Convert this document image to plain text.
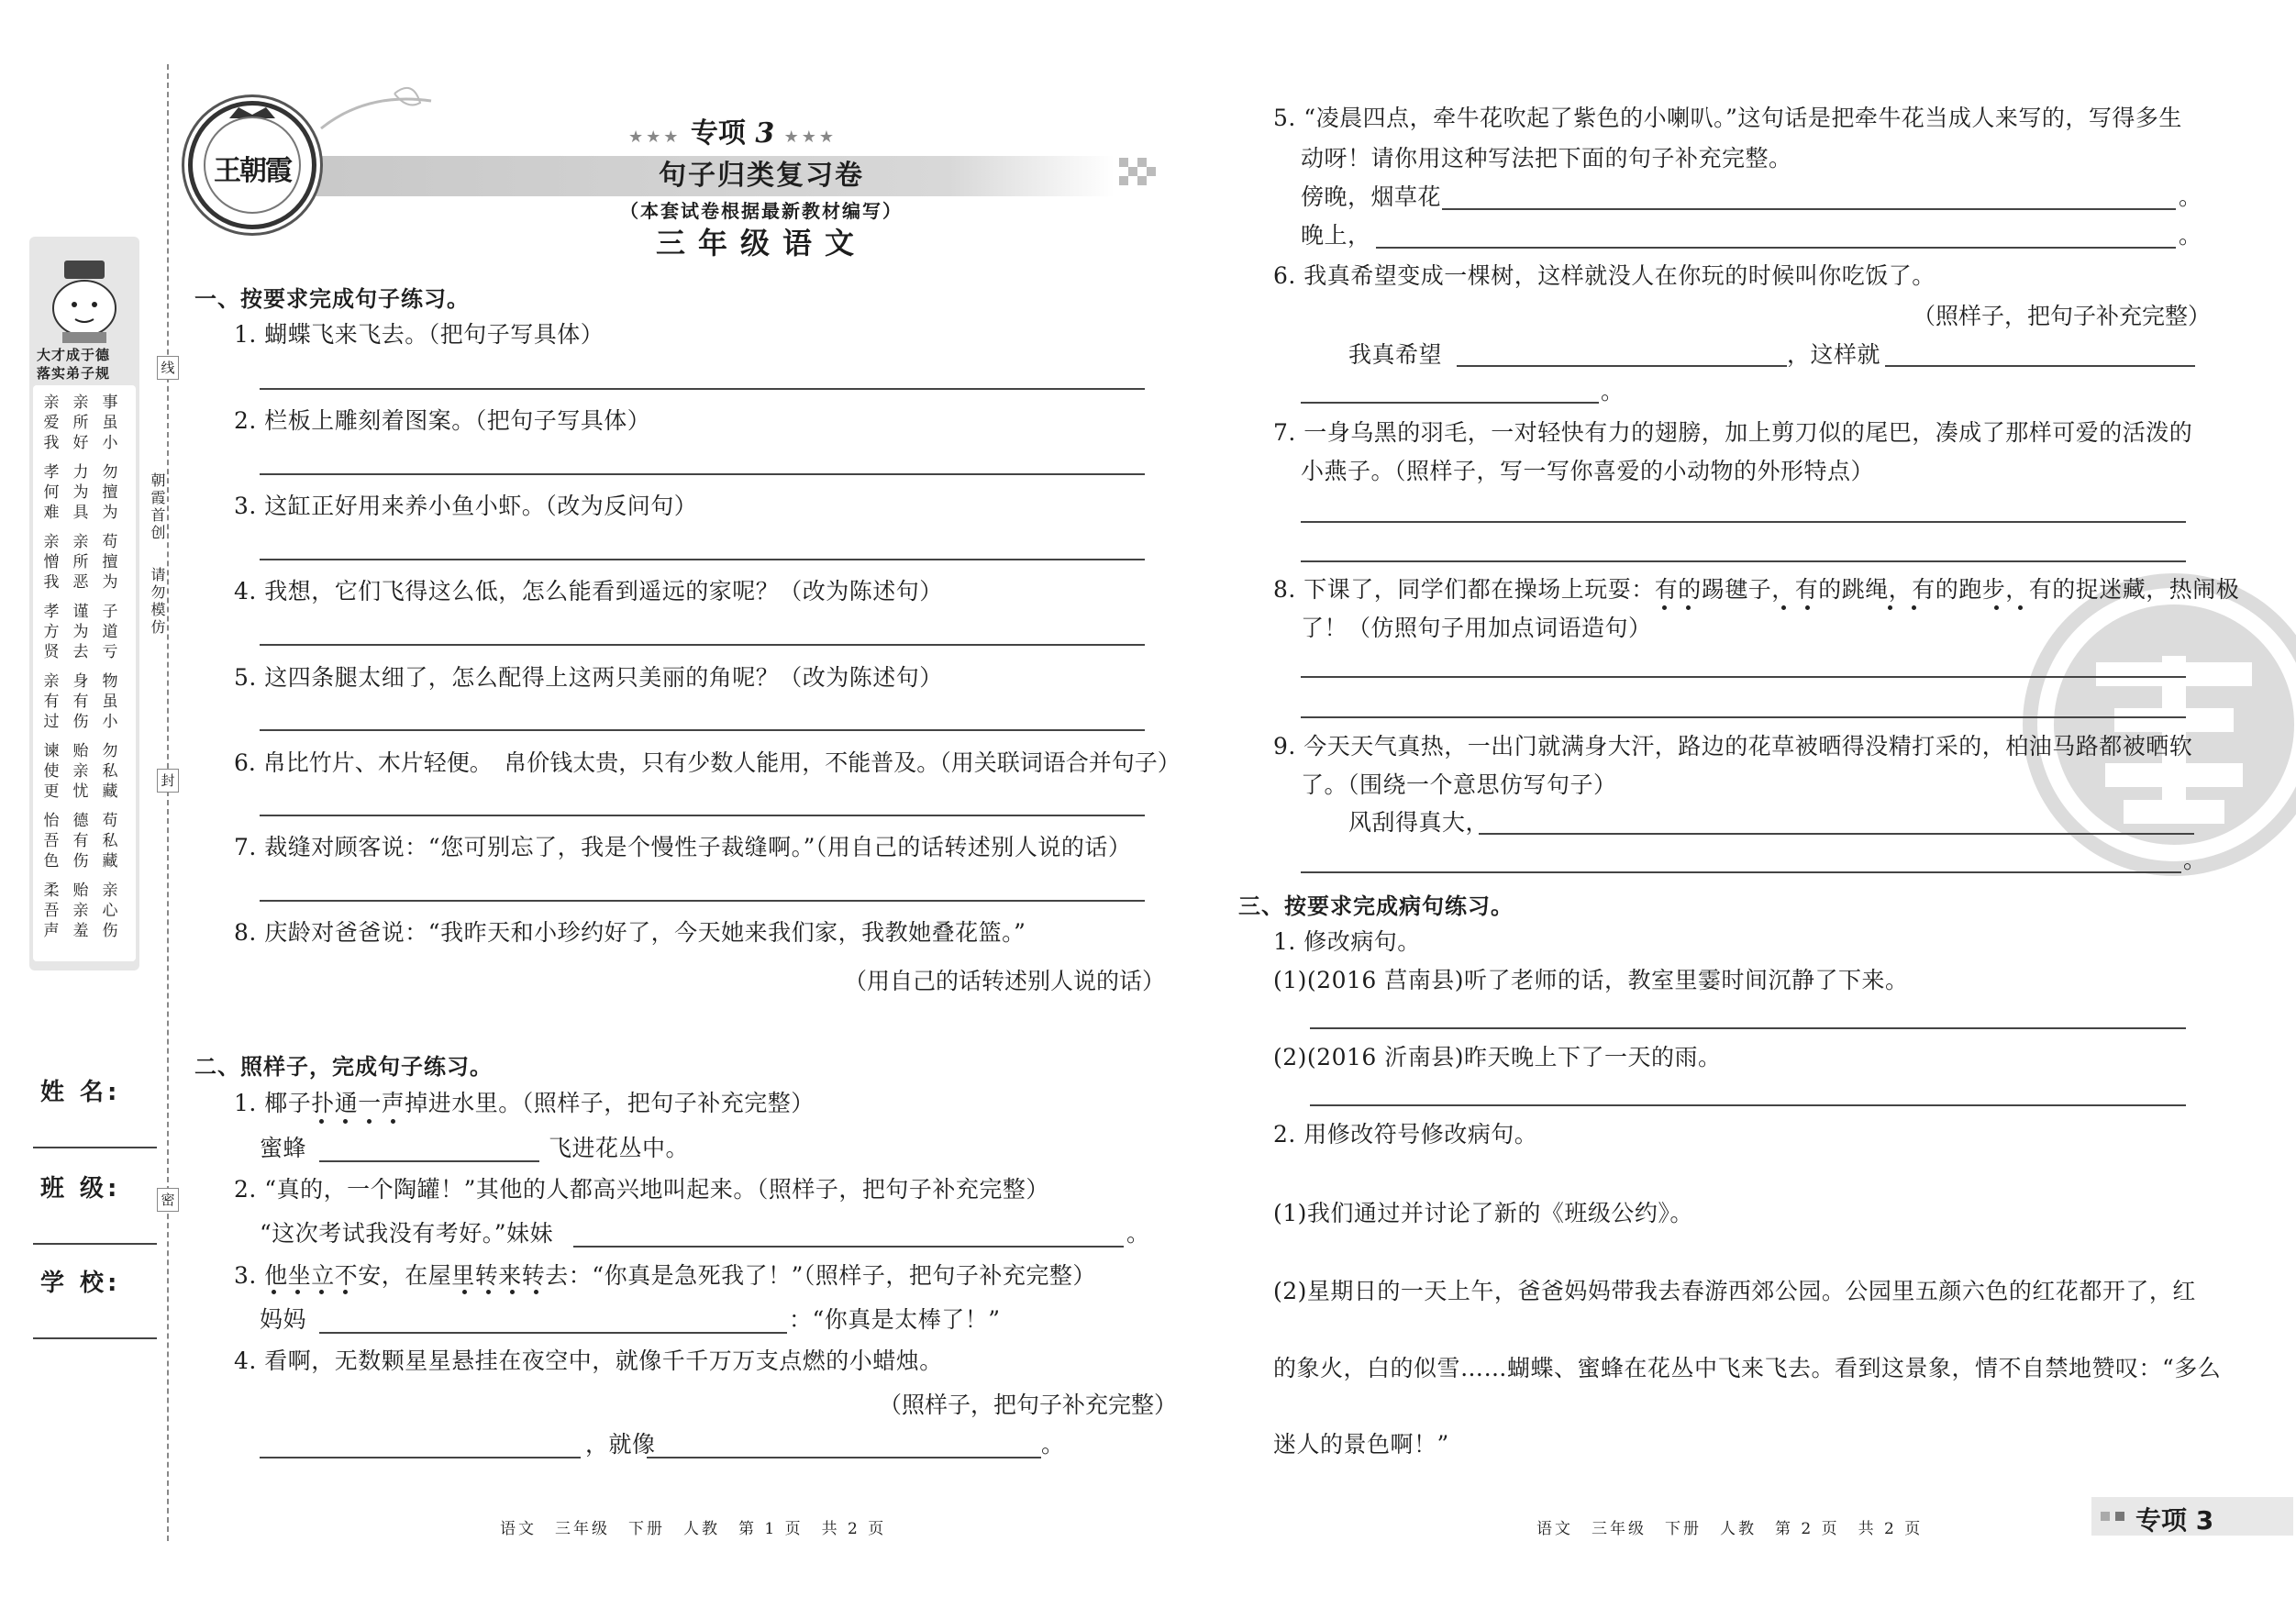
线
封
密
朝霞首创
请勿模仿
大才成于德
落实弟子规
亲爱我
亲所好
事虽小
孝何难
力为具
勿擅为
亲憎我
亲所恶
苟擅为
孝方贤
谨为去
子道亏
亲有过
身有伤
物虽小
谏使更
贻亲忧
勿私藏
怡吾色
德有伤
苟私藏
柔吾声
贻亲羞
亲心伤
姓 名:
班 级:
学 校:
王朝霞
★★★ 专项 3 ★★★
句子归类复习卷
（本套试卷根据最新教材编写）
三年级语文
一、按要求完成句子练习。
1. 蝴蝶飞来飞去。（把句子写具体）
2. 栏板上雕刻着图案。（把句子写具体）
3. 这缸正好用来养小鱼小虾。（改为反问句）
4. 我想，它们飞得这么低，怎么能看到遥远的家呢？（改为陈述句）
5. 这四条腿太细了，怎么配得上这两只美丽的角呢？（改为陈述句）
6. 帛比竹片、木片轻便。　帛价钱太贵，只有少数人能用，不能普及。（用关联词语合并句子）
7. 裁缝对顾客说：“您可别忘了，我是个慢性子裁缝啊。”（用自己的话转述别人说的话）
8. 庆龄对爸爸说：“我昨天和小珍约好了，今天她来我们家，我教她叠花篮。”
（用自己的话转述别人说的话）
二、照样子，完成句子练习。
1. 椰子扑通一声掉进水里。（照样子，把句子补充完整）
蜜蜂	飞进花丛中。
2. “真的，一个陶罐！”其他的人都高兴地叫起来。（照样子，把句子补充完整）
“这次考试我没有考好。”妹妹	。
3. 他坐立不安，在屋里转来转去：“你真是急死我了！”（照样子，把句子补充完整）
妈妈	：“你真是太棒了！”
4. 看啊，无数颗星星悬挂在夜空中，就像千千万万支点燃的小蜡烛。
（照样子，把句子补充完整）
，就像	。
语文　三年级　下册　人教　第 1 页　共 2 页
5. “凌晨四点，牵牛花吹起了紫色的小喇叭。”这句话是把牵牛花当成人来写的，写得多生
动呀！请你用这种写法把下面的句子补充完整。
傍晚，烟草花	。
晚上，	。
6. 我真希望变成一棵树，这样就没人在你玩的时候叫你吃饭了。
（照样子，把句子补充完整）
我真希望	，这样就
。
7. 一身乌黑的羽毛，一对轻快有力的翅膀，加上剪刀似的尾巴，凑成了那样可爱的活泼的
小燕子。（照样子，写一写你喜爱的小动物的外形特点）
8. 下课了，同学们都在操场上玩耍：有的踢毽子，有的跳绳，有的跑步，有的捉迷藏，热闹极
了！（仿照句子用加点词语造句）
9. 今天天气真热，一出门就满身大汗，路边的花草被晒得没精打采的，柏油马路都被晒软
了。（围绕一个意思仿写句子）
风刮得真大，
。
三、按要求完成病句练习。
1. 修改病句。
(1)(2016 莒南县)听了老师的话，教室里霎时间沉静了下来。
(2)(2016 沂南县)昨天晚上下了一天的雨。
2. 用修改符号修改病句。
(1)我们通过并讨论了新的《班级公约》。
(2)星期日的一天上午，爸爸妈妈带我去春游西郊公园。公园里五颜六色的红花都开了，红
的象火，白的似雪……蝴蝶、蜜蜂在花丛中飞来飞去。看到这景象，情不自禁地赞叹：“多么
迷人的景色啊！”
语文　三年级　下册　人教　第 2 页　共 2 页	专项 3
